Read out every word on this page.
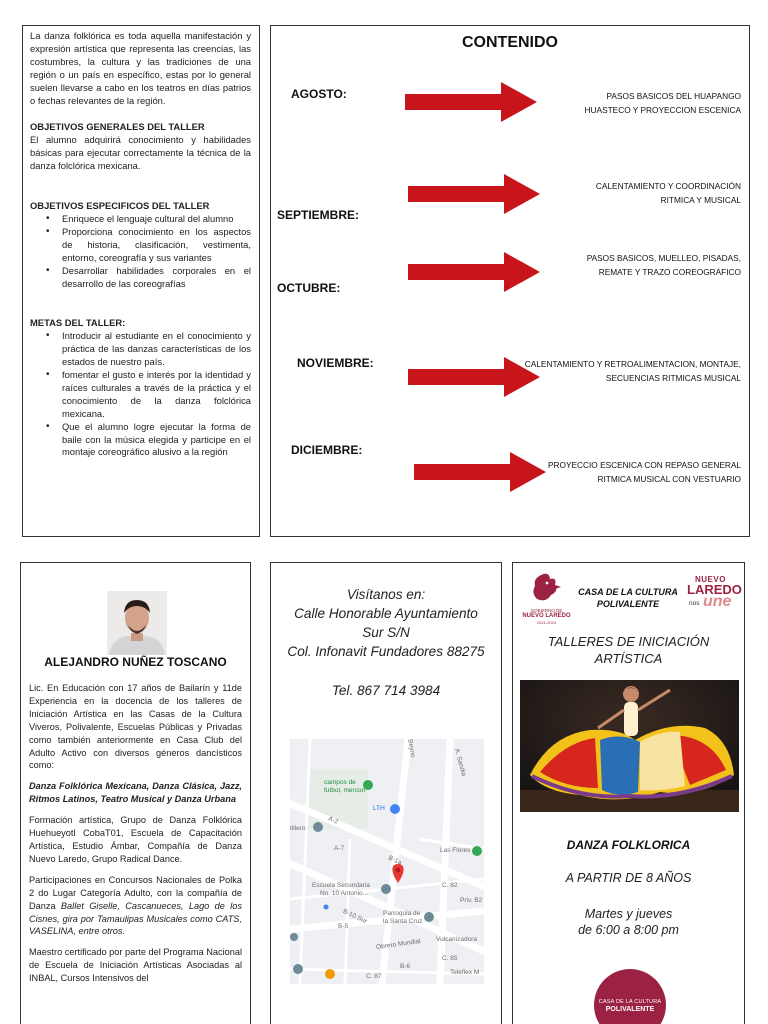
La danza folklórica es toda aquella manifestación y expresión artística que representa las creencias, las costumbres, la cultura y las tradiciones de una región o un país en específico, estas por lo general suelen llevarse a cabo en los teatros en días patrios o fechas relevantes de la región.

OBJETIVOS GENERALES DEL TALLER

El alumno adquirirá conocimiento y habilidades básicas para ejecutar correctamente la técnica de la danza folclórica mexicana.

OBJETIVOS ESPECIFICOS DEL TALLER

• Enriquece el lenguaje cultural del alumno
• Proporciona conocimiento en los aspectos de historia, clasificación, vestimenta, entorno, coreografía y sus variantes
• Desarrollar habilidades corporales en el desarrollo de las coreografías

METAS DEL TALLER:

• Introducir al estudiante en el conocimiento y práctica de las danzas características de los estados de nuestro país.
• fomentar el gusto e interés por la identidad y raíces culturales a través de la práctica y el conocimiento de la danza folclórica mexicana.
• Que el alumno logre ejecutar la forma de baile con la música elegida y participe en el montaje coreográfico alusivo a la región
CONTENIDO
AGOSTO:	PASOS BASICOS DEL HUAPANGO
HUASTECO Y PROYECCION ESCENICA
SEPTIEMBRE:
CALENTAMIENTO Y COORDINACIÓN
RITMICA Y MUSICAL
OCTUBRE:
PASOS BASICOS, MUELLEO, PISADAS,
REMATE Y TRAZO COREOGRAFICO
NOVIEMBRE:	CALENTAMIENTO Y RETROALIMENTACION, MONTAJE,
SECUENCIAS RITMICAS MUSICAL
DICIEMBRE:
PROYECCIO ESCENICA CON REPASO GENERAL
RITMICA MUSICAL CON VESTUARIO
ALEJANDRO NUÑEZ TOSCANO

Lic. En Educación con 17 años de Bailarín y 11de Experiencia en la docencia de los talleres de Iniciación Artística en las Casas de la Cultura Viveros, Polivalente, Escuelas Públicas y Privadas como también anteriormente en Casa Club del Adulto Activo con diversos géneros dancísticos como:

Danza Folklórica Mexicana, Danza Clásica, Jazz, Ritmos Latinos, Teatro Musical y Danza Urbana

Formación artística, Grupo de Danza Folklórica Huehueyotl CobaT01, Escuela de Capacitación Artística, Estudio Ámbar, Compañía de Danza Nuevo Laredo, Grupo Radical Dance.

Participaciones en Concursos Nacionales de Polka 2 do Lugar Categoría Adulto, con la compañía de Danza Ballet Giselle, Cascanueces, Lago de los Cisnes, gira por Tamaulipas Musicales como CATS, VASELINA, entre otros.

Maestro certificado por parte del Programa Nacional de Escuela de Iniciación Artísticas Asociadas al INBAL, Cursos Intensivos del

Visítanos en:
Calle Honorable Ayuntamiento
Sur S/N
Col. Infonavit Fundadores 88275
Tel. 867 714 3984
campos de
futbol, mercon
LTH
tillero
Las Flores
Escuela Secundaria
No. 10 Antonio...
Parroquia de
la Santa Cruz
Vulcanizadora
Teleflex M
Obrero Mundial
B-10 Sur
B-5
B-6
C. 82
C. 87
C. 85
A-2
A-7
B-1a
A. Sandia
Beyno
Priv. B2
GOBIERNO DE
NUEVO LAREDO
2021-2024
CASA DE LA CULTURA
POLIVALENTE
NUEVO
LAREDO
nos une
TALLERES DE INICIACIÓN
ARTÍSTICA
DANZA FOLKLORICA
A PARTIR DE 8 AÑOS
Martes y jueves
de 6:00 a 8:00 pm
CASA DE LA CULTURA
POLIVALENTE
